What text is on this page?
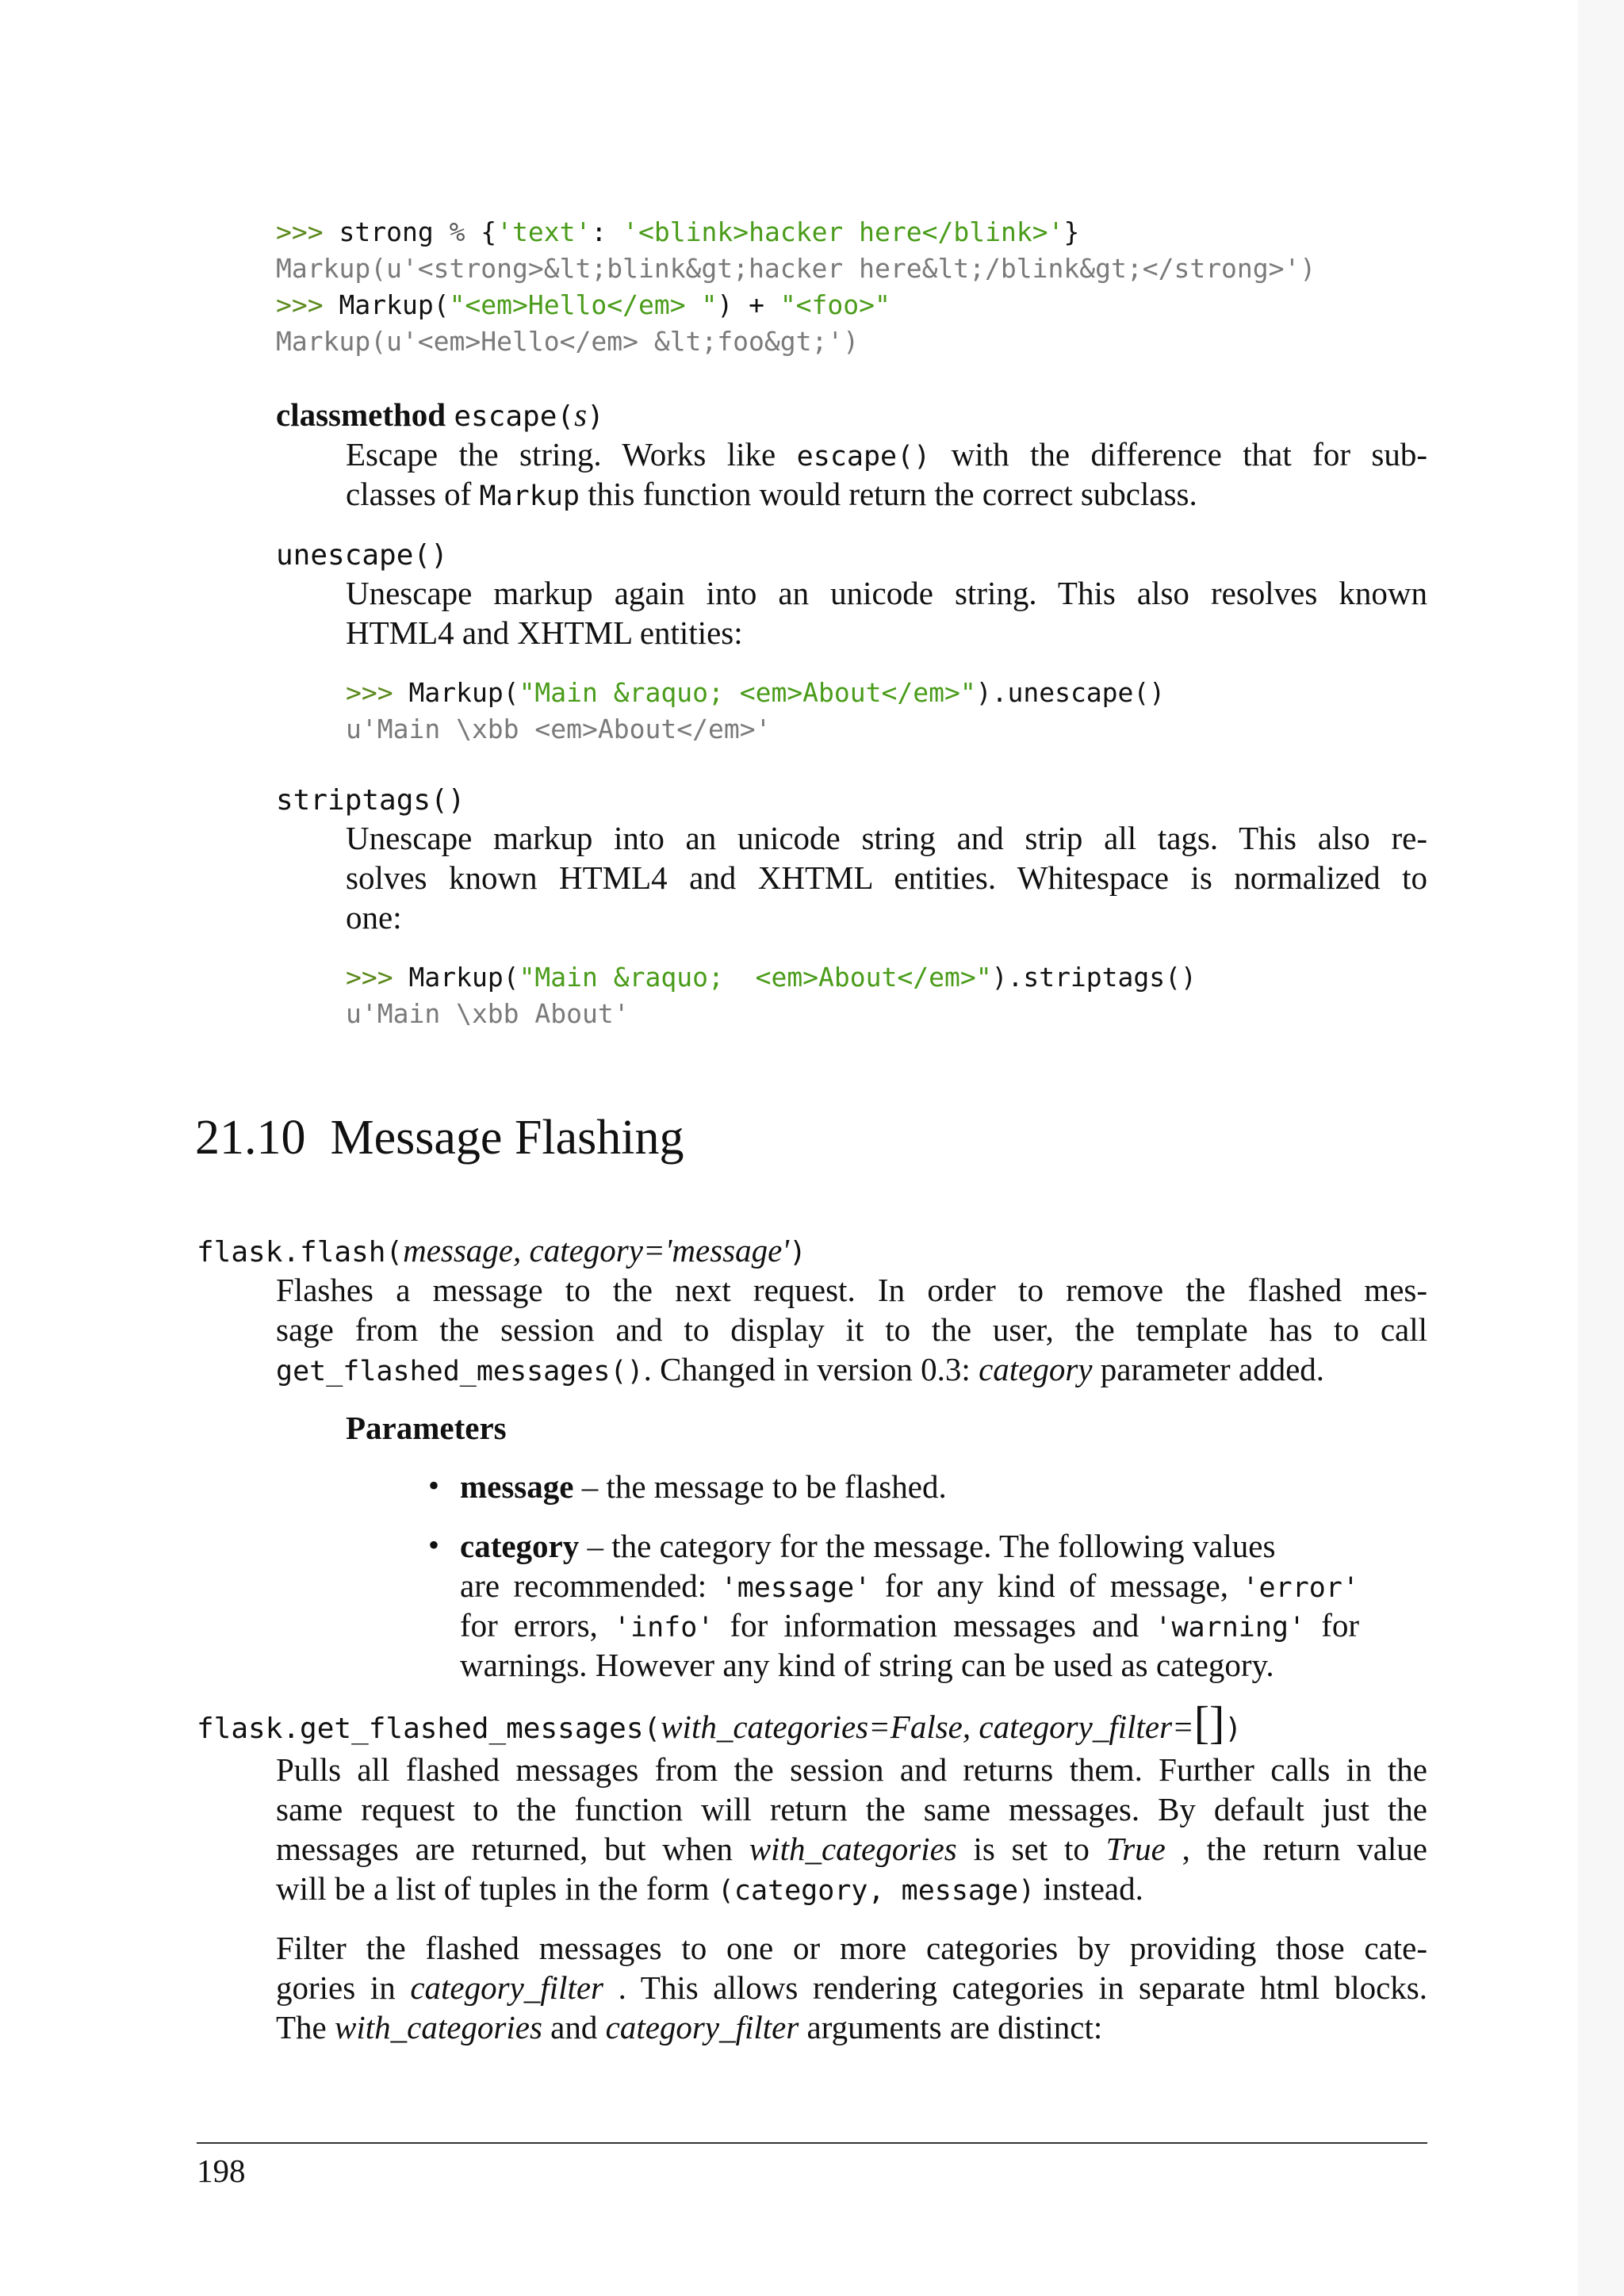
>>> strong % {'text': '<blink>hacker here</blink>'}
Markup(u'<strong>&lt;blink&gt;hacker here&lt;/blink&gt;</strong>')
>>> Markup("<em>Hello</em> ") + "<foo>"
Markup(u'<em>Hello</em> &lt;foo&gt;')
classmethod escape(s)
Escape the string. Works like escape() with the difference that for sub-
classes of Markup this function would return the correct subclass.
unescape()
Unescape markup again into an unicode string. This also resolves known
HTML4 and XHTML entities:
>>> Markup("Main &raquo; <em>About</em>").unescape()
u'Main \xbb <em>About</em>'
striptags()
Unescape markup into an unicode string and strip all tags. This also re-
solves known HTML4 and XHTML entities. Whitespace is normalized to
one:
>>> Markup("Main &raquo;  <em>About</em>").striptags()
u'Main \xbb About'
21.10 Message Flashing
flask.flash(message, category='message')
Flashes a message to the next request. In order to remove the flashed mes-
sage from the session and to display it to the user, the template has to call
get_flashed_messages(). Changed in version 0.3: category parameter added.
Parameters
• message – the message to be flashed.
• category – the category for the message. The following values
are recommended: 'message' for any kind of message, 'error'
for errors, 'info' for information messages and 'warning' for
warnings. However any kind of string can be used as category.
flask.get_flashed_messages(with_categories=False, category_filter=[])
Pulls all flashed messages from the session and returns them. Further calls in the
same request to the function will return the same messages. By default just the
messages are returned, but when with_categories is set to True , the return value
will be a list of tuples in the form (category, message) instead.
Filter the flashed messages to one or more categories by providing those cate-
gories in category_filter . This allows rendering categories in separate html blocks.
The with_categories and category_filter arguments are distinct:
198
